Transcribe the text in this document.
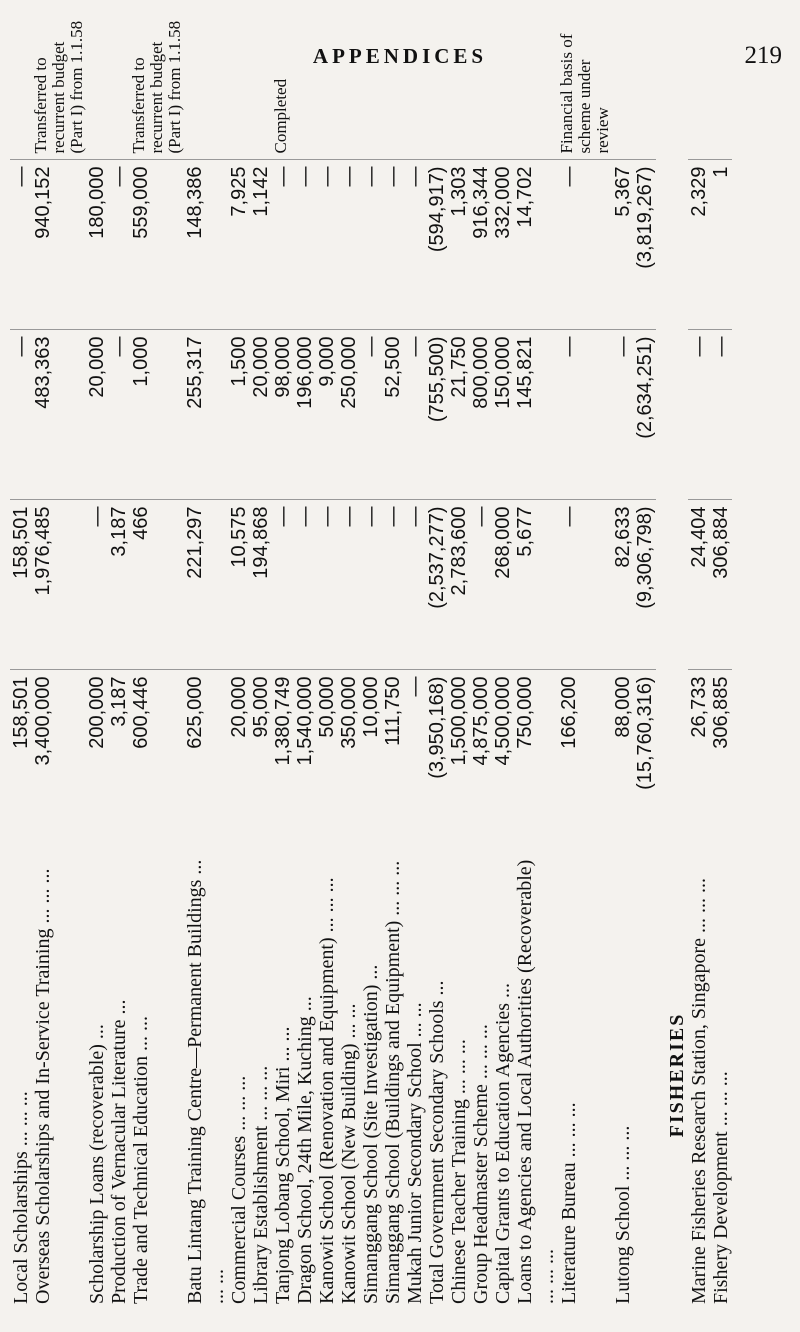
APPENDICES	219
Local Scholarships ... ... ...	158,501	158,501	—	—	
Overseas Scholarships and In-Service Training ... ... ...	3,400,000	1,976,485	483,363	940,152	Transferred to recurrent budget (Part I) from 1.1.58
Scholarship Loans (recoverable) ...	200,000	—	20,000	180,000	
Production of Vernacular Literature ...	3,187	3,187	—	—	
Trade and Technical Education ... ...	600,446	466	1,000	559,000	Transferred to recurrent budget (Part I) from 1.1.58
Batu Lintang Training Centre—Permanent Buildings ... ... ...	625,000	221,297	255,317	148,386	
Commercial Courses ... ... ...	20,000	10,575	1,500	7,925	
Library Establishment ... ... ...	95,000	194,868	20,000	1,142	
Tanjong Lobang School, Miri ... ...	1,380,749	—	98,000	—	Completed
Dragon School, 24th Mile, Kuching ...	1,540,000	—	196,000	—	
Kanowit School (Renovation and Equipment) ... ... ...	50,000	—	9,000	—	
Kanowit School (New Building) ... ...	350,000	—	250,000	—	
Simanggang School (Site Investigation) ...	10,000	—	—	—	
Simanggang School (Buildings and Equipment) ... ... ...	111,750	—	52,500	—	
Mukah Junior Secondary School ... ...	—	—	—	—	
Total Government Secondary Schools ...	(3,950,168)	(2,537,277)	(755,500)	(594,917)	
Chinese Teacher Training ... ... ...	1,500,000	2,783,600	21,750	1,303	
Group Headmaster Scheme ... ... ...	4,875,000	—	800,000	916,344	
Capital Grants to Education Agencies ...	4,500,000	268,000	150,000	332,000	
Loans to Agencies and Local Authorities (Recoverable) ... ... ...	750,000	5,677	145,821	14,702	
Literature Bureau ... ... ...	166,200	—	—	—	Financial basis of scheme under review
Lutong School ... ... ...	88,000	82,633	—	5,367	
	(15,760,316)	(9,306,798)	(2,634,251)	(3,819,267)	
FISHERIES					
Marine Fisheries Research Station, Singapore ... ... ...	26,733	24,404	—	2,329	
Fishery Development ... ... ...	306,885	306,884	—	1	
